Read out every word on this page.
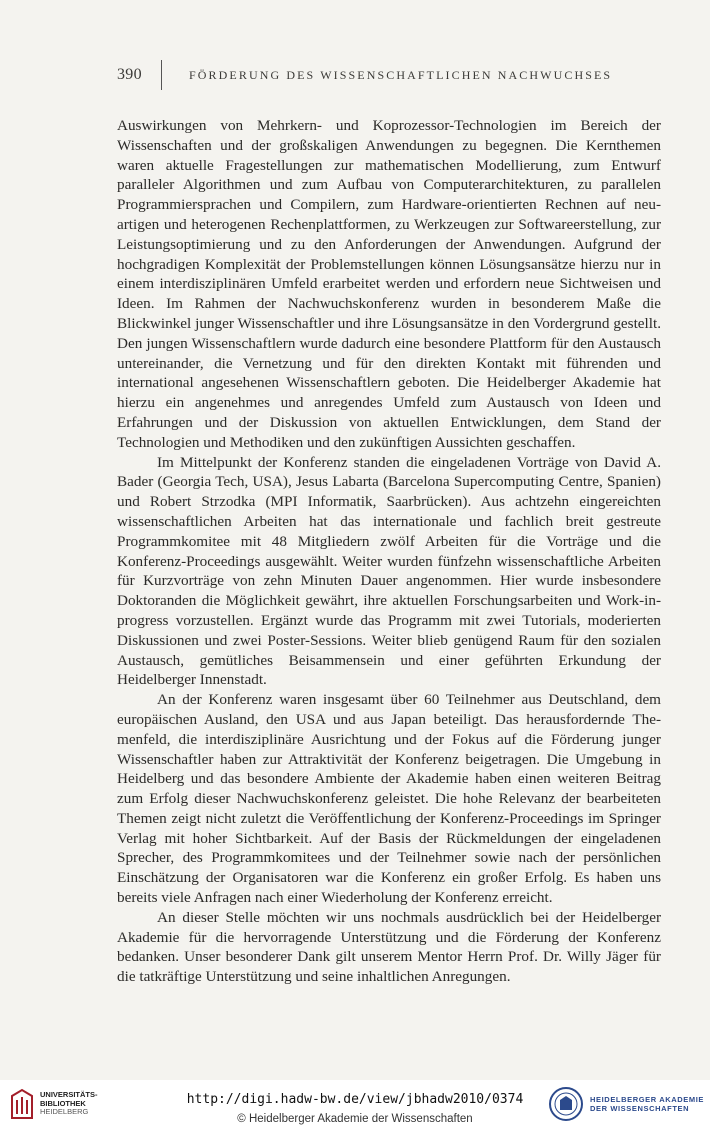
390	FÖRDERUNG DES WISSENSCHAFTLICHEN NACHWUCHSES

Auswirkungen von Mehrkern- und Koprozessor-Technologien im Bereich der Wissenschaften und der großskaligen Anwendungen zu begegnen. Die Kernthemen waren aktuelle Fragestellungen zur mathematischen Modellierung, zum Entwurf paralleler Algorithmen und zum Aufbau von Computerarchitekturen, zu parallelen Programmiersprachen und Compilern, zum Hardware-orientierten Rechnen auf neuartigen und heterogenen Rechenplattformen, zu Werkzeugen zur Softwareerstellung, zur Leistungsoptimierung und zu den Anforderungen der Anwendungen. Aufgrund der hochgradigen Komplexität der Problemstellungen können Lösungsansätze hierzu nur in einem interdisziplinären Umfeld erarbeitet werden und erfordern neue Sichtweisen und Ideen. Im Rahmen der Nachwuchskonferenz wurden in besonderem Maße die Blickwinkel junger Wissenschaftler und ihre Lösungsansätze in den Vordergrund gestellt. Den jungen Wissenschaftlern wurde dadurch eine besondere Plattform für den Austausch untereinander, die Vernetzung und für den direkten Kontakt mit führenden und international angesehenen Wissenschaftlern geboten. Die Heidelberger Akademie hat hierzu ein angenehmes und anregendes Umfeld zum Austausch von Ideen und Erfahrungen und der Diskussion von aktuellen Entwicklungen, dem Stand der Technologien und Methodiken und den zukünftigen Aussichten geschaffen.

Im Mittelpunkt der Konferenz standen die eingeladenen Vorträge von David A. Bader (Georgia Tech, USA), Jesus Labarta (Barcelona Supercomputing Centre, Spanien) und Robert Strzodka (MPI Informatik, Saarbrücken). Aus achtzehn eingereichten wissenschaftlichen Arbeiten hat das internationale und fachlich breit gestreute Programmkomitee mit 48 Mitgliedern zwölf Arbeiten für die Vorträge und die Konferenz-Proceedings ausgewählt. Weiter wurden fünfzehn wissenschaftliche Arbeiten für Kurzvorträge von zehn Minuten Dauer angenommen. Hier wurde insbesondere Doktoranden die Möglichkeit gewährt, ihre aktuellen Forschungsarbeiten und Work-in-progress vorzustellen. Ergänzt wurde das Programm mit zwei Tutorials, moderierten Diskussionen und zwei Poster-Sessions. Weiter blieb genügend Raum für den sozialen Austausch, gemütliches Beisammensein und einer geführten Erkundung der Heidelberger Innenstadt.

An der Konferenz waren insgesamt über 60 Teilnehmer aus Deutschland, dem europäischen Ausland, den USA und aus Japan beteiligt. Das herausfordernde Themenfeld, die interdisziplinäre Ausrichtung und der Fokus auf die Förderung junger Wissenschaftler haben zur Attraktivität der Konferenz beigetragen. Die Umgebung in Heidelberg und das besondere Ambiente der Akademie haben einen weiteren Beitrag zum Erfolg dieser Nachwuchskonferenz geleistet. Die hohe Relevanz der bearbeiteten Themen zeigt nicht zuletzt die Veröffentlichung der Konferenz-Proceedings im Springer Verlag mit hoher Sichtbarkeit. Auf der Basis der Rückmeldungen der eingeladenen Sprecher, des Programmkomitees und der Teilnehmer sowie nach der persönlichen Einschätzung der Organisatoren war die Konferenz ein großer Erfolg. Es haben uns bereits viele Anfragen nach einer Wiederholung der Konferenz erreicht.

An dieser Stelle möchten wir uns nochmals ausdrücklich bei der Heidelberger Akademie für die hervorragende Unterstützung und die Förderung der Konferenz bedanken. Unser besonderer Dank gilt unserem Mentor Herrn Prof. Dr. Willy Jäger für die tatkräftige Unterstützung und seine inhaltlichen Anregungen.

UNIVERSITÄTS-
BIBLIOTHEK
HEIDELBERG
http://digi.hadw-bw.de/view/jbhadw2010/0374
© Heidelberger Akademie der Wissenschaften
HEIDELBERGER AKADEMIE
DER WISSENSCHAFTEN
